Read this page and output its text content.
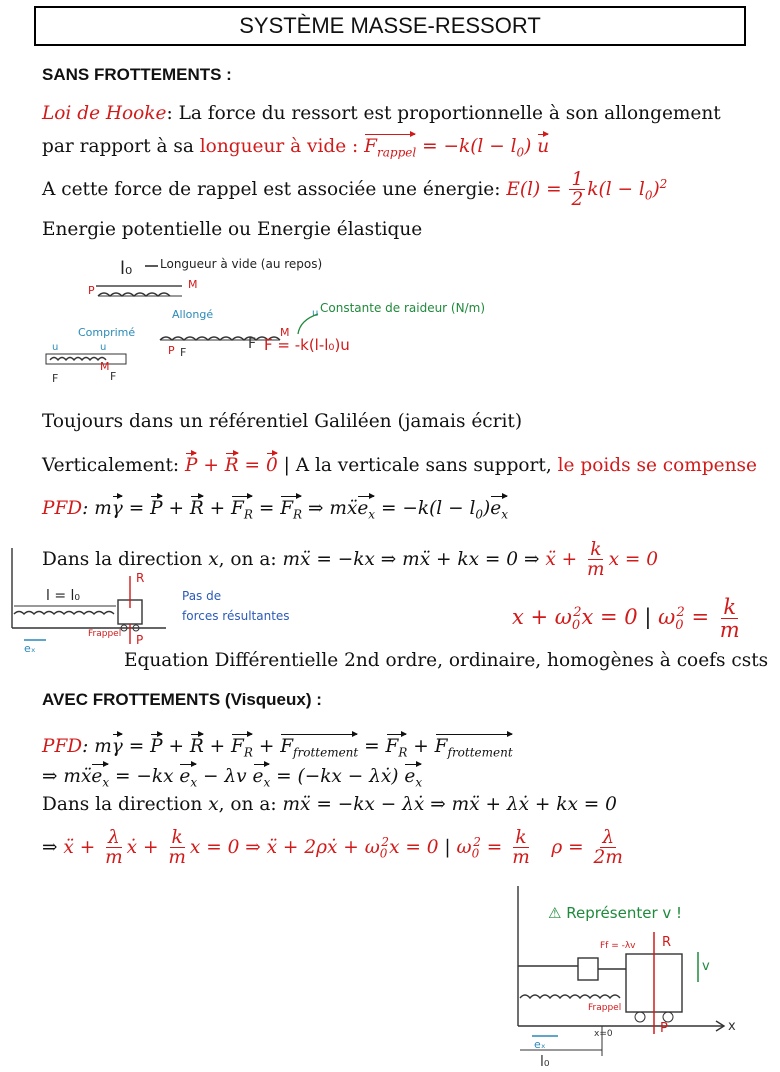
SYSTÈME MASSE-RESSORT
SANS FROTTEMENTS :
Loi de Hooke: La force du ressort est proportionnelle à son allongement
par rapport à sa longueur à vide : $F_{rappel} = -k(l - l_0)$ u
A cette force de rappel est associée une énergie: $E(l) = \frac{1}{2} k(l - l_0)^2$
Energie potentielle ou Energie élastique
l₀ Longueur à vide (au repos)
P	M
Comprimé
M
F	F
u	u
Allongé
P F
M
F F = -k(l-l₀)u
u Constante de raideur (N/m)
Toujours dans un référentiel Galiléen (jamais écrit)
Verticalement: P + R = 0 | A la verticale sans support, le poids se compense
PFD: $m\gamma = P + R + F_R = F_R$ ⇒ mẍe$_x$ = $-k(l - l_0)e_x$
Dans la direction x, on a: mẍ = −kx ⇒ mẍ + kx = 0 ⇒ ẍ + $\frac{k}{m}$ x = 0
l = l₀
R
P
Frappel
eₓ
Pas de
forces résultantes	$x + \omega_0^2x = 0$ | $\omega_0^2 = \frac{k}{m}$
Equation Différentielle 2nd ordre, ordinaire, homogènes à coefs csts
AVEC FROTTEMENTS (Visqueux) :
PFD: $m\gamma = P + R + F_R + F_{frottement} = F_R + F_{frottement}$
⇒ mẍe$_x$ = −kx $e_x - \lambda v$ $e_x = (-kx$ − λẋ) $e_x$
Dans la direction x, on a: mẍ = −kx − λẋ ⇒ mẍ + λẋ + kx = 0
⇒ ẍ + $\frac{\lambda}{m}$ ẋ + $\frac{k}{m}$ x = 0 ⇒ ẍ + 2ρẋ + $\omega_0^2x = 0$ | $\omega_0^2 = \frac{k}{m}$ $\rho = \frac{\lambda}{2m}$
⚠ Représenter v !
x
R
P
Ff = -λv
Frappel
v
eₓ
x=0
l₀
